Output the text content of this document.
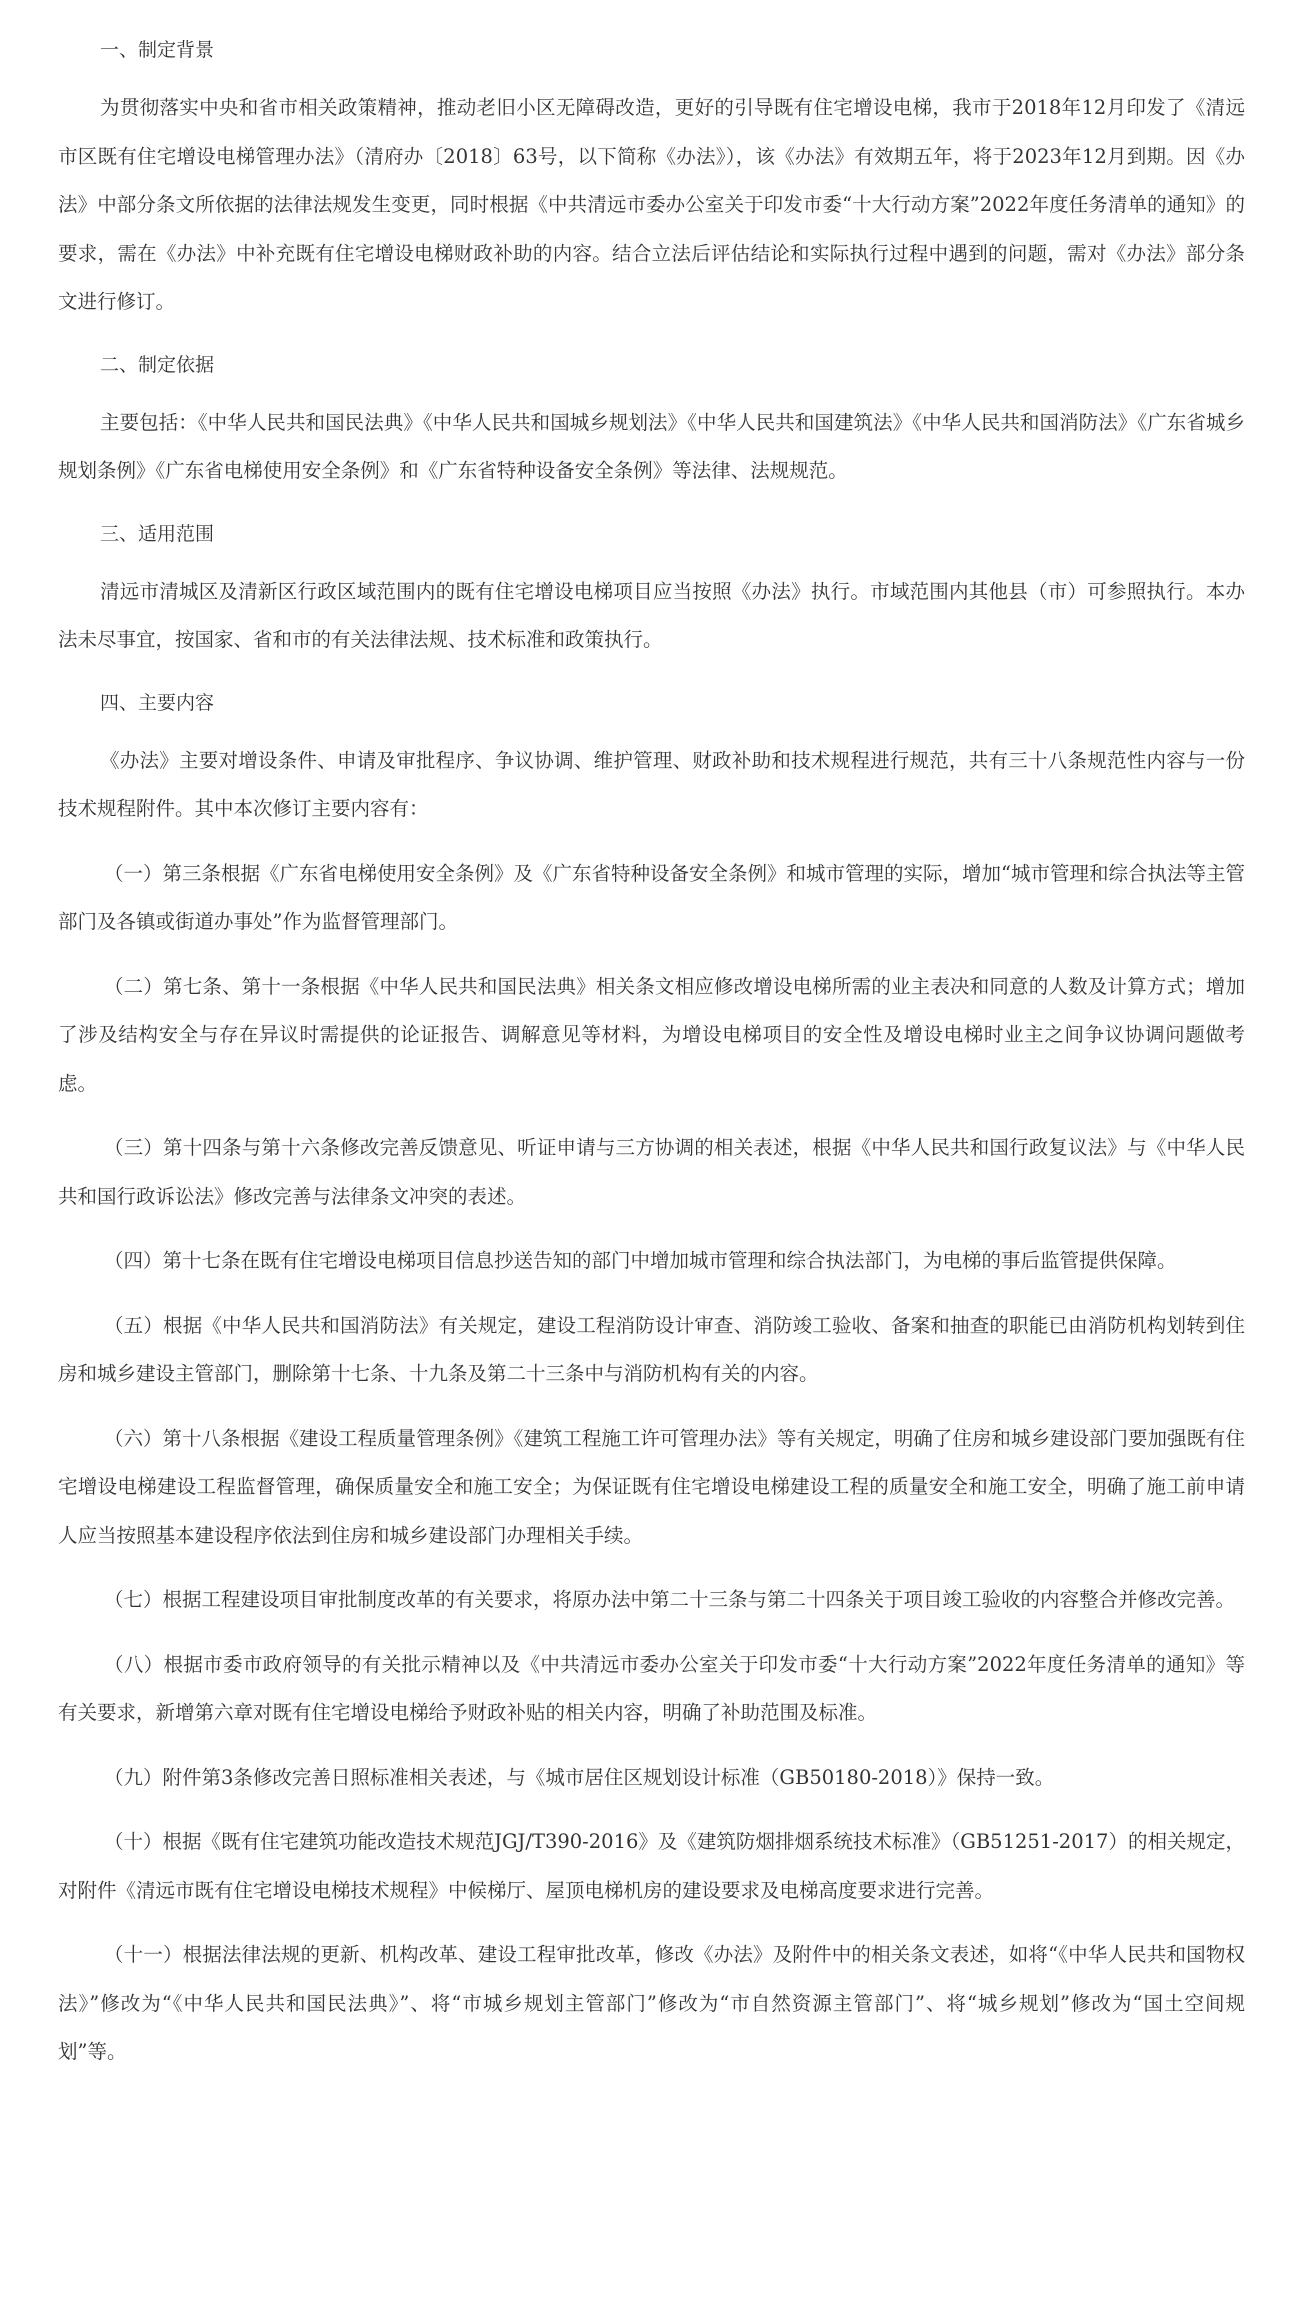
一、制定背景

为贯彻落实中央和省市相关政策精神，推动老旧小区无障碍改造，更好的引导既有住宅增设电梯，我市于2018年12月印发了《清远市区既有住宅增设电梯管理办法》（清府办〔2018〕63号，以下简称《办法》），该《办法》有效期五年，将于2023年12月到期。因《办法》中部分条文所依据的法律法规发生变更，同时根据《中共清远市委办公室关于印发市委“十大行动方案”2022年度任务清单的通知》的要求，需在《办法》中补充既有住宅增设电梯财政补助的内容。结合立法后评估结论和实际执行过程中遇到的问题，需对《办法》部分条文进行修订。

二、制定依据

主要包括：《中华人民共和国民法典》《中华人民共和国城乡规划法》《中华人民共和国建筑法》《中华人民共和国消防法》《广东省城乡规划条例》《广东省电梯使用安全条例》和《广东省特种设备安全条例》等法律、法规规范。

三、适用范围

清远市清城区及清新区行政区域范围内的既有住宅增设电梯项目应当按照《办法》执行。市域范围内其他县（市）可参照执行。本办法未尽事宜，按国家、省和市的有关法律法规、技术标准和政策执行。

四、主要内容

《办法》主要对增设条件、申请及审批程序、争议协调、维护管理、财政补助和技术规程进行规范，共有三十八条规范性内容与一份技术规程附件。其中本次修订主要内容有：

（一）第三条根据《广东省电梯使用安全条例》及《广东省特种设备安全条例》和城市管理的实际，增加“城市管理和综合执法等主管部门及各镇或街道办事处”作为监督管理部门。

（二）第七条、第十一条根据《中华人民共和国民法典》相关条文相应修改增设电梯所需的业主表决和同意的人数及计算方式；增加了涉及结构安全与存在异议时需提供的论证报告、调解意见等材料，为增设电梯项目的安全性及增设电梯时业主之间争议协调问题做考虑。

（三）第十四条与第十六条修改完善反馈意见、听证申请与三方协调的相关表述，根据《中华人民共和国行政复议法》与《中华人民共和国行政诉讼法》修改完善与法律条文冲突的表述。

（四）第十七条在既有住宅增设电梯项目信息抄送告知的部门中增加城市管理和综合执法部门，为电梯的事后监管提供保障。

（五）根据《中华人民共和国消防法》有关规定，建设工程消防设计审查、消防竣工验收、备案和抽查的职能已由消防机构划转到住房和城乡建设主管部门，删除第十七条、十九条及第二十三条中与消防机构有关的内容。

（六）第十八条根据《建设工程质量管理条例》《建筑工程施工许可管理办法》等有关规定，明确了住房和城乡建设部门要加强既有住宅增设电梯建设工程监督管理，确保质量安全和施工安全；为保证既有住宅增设电梯建设工程的质量安全和施工安全，明确了施工前申请人应当按照基本建设程序依法到住房和城乡建设部门办理相关手续。

（七）根据工程建设项目审批制度改革的有关要求，将原办法中第二十三条与第二十四条关于项目竣工验收的内容整合并修改完善。

（八）根据市委市政府领导的有关批示精神以及《中共清远市委办公室关于印发市委“十大行动方案”2022年度任务清单的通知》等有关要求，新增第六章对既有住宅增设电梯给予财政补贴的相关内容，明确了补助范围及标准。

（九）附件第3条修改完善日照标准相关表述，与《城市居住区规划设计标准（GB50180-2018）》保持一致。

（十）根据《既有住宅建筑功能改造技术规范JGJ/T390-2016》及《建筑防烟排烟系统技术标准》（GB51251-2017）的相关规定，对附件《清远市既有住宅增设电梯技术规程》中候梯厅、屋顶电梯机房的建设要求及电梯高度要求进行完善。

（十一）根据法律法规的更新、机构改革、建设工程审批改革，修改《办法》及附件中的相关条文表述，如将“《中华人民共和国物权法》”修改为“《中华人民共和国民法典》”、将“市城乡规划主管部门”修改为“市自然资源主管部门”、将“城乡规划”修改为“国土空间规划”等。
